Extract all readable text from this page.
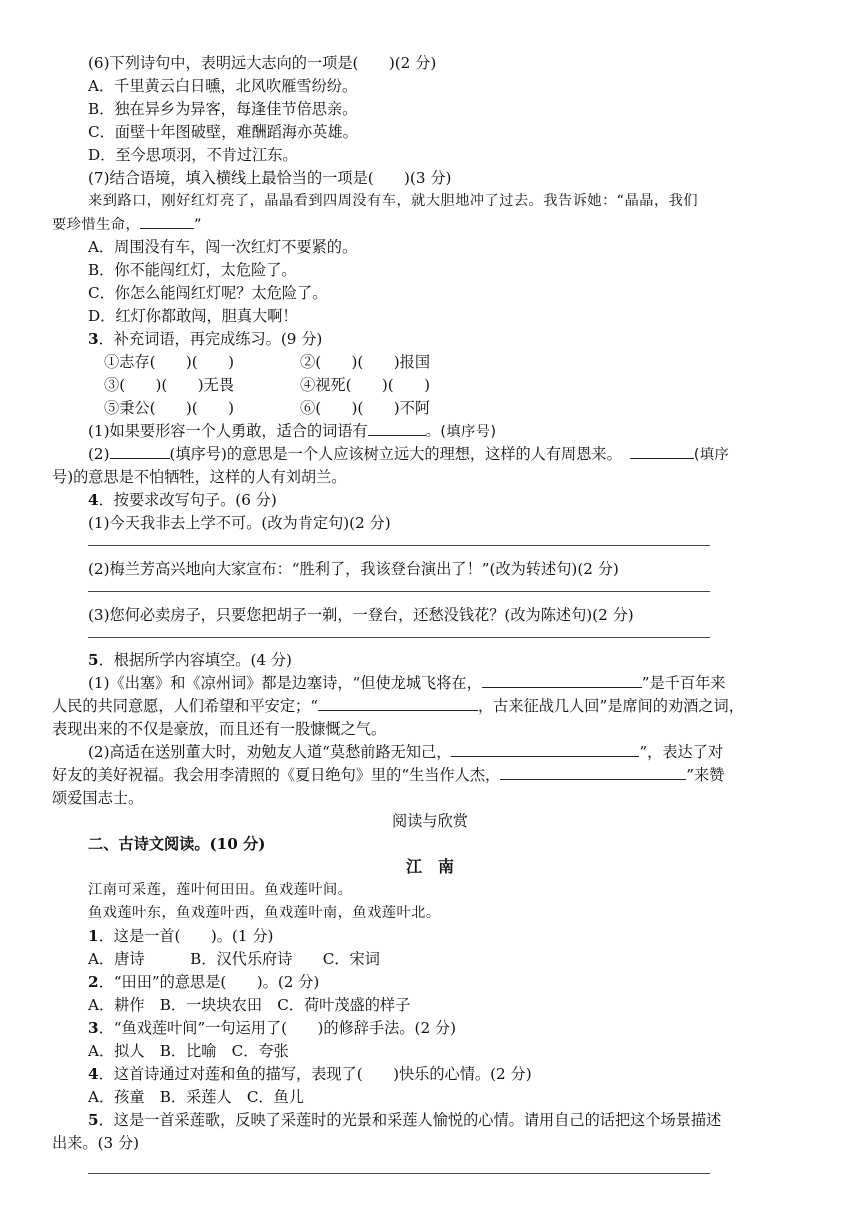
(6)下列诗句中，表明远大志向的一项是(　　)(2 分)
A．千里黄云白日曛，北风吹雁雪纷纷。
B．独在异乡为异客，每逢佳节倍思亲。
C．面壁十年图破壁，难酬蹈海亦英雄。
D．至今思项羽，不肯过江东。
(7)结合语境，填入横线上最恰当的一项是(　　)(3 分)
来到路口，刚好红灯亮了，晶晶看到四周没有车，就大胆地冲了过去。我告诉她：“晶晶，我们
要珍惜生命，	”
A．周围没有车，闯一次红灯不要紧的。
B．你不能闯红灯，太危险了。
C．你怎么能闯红灯呢？太危险了。
D．红灯你都敢闯，胆真大啊！
3．补充词语，再完成练习。(9 分)
①志存(　　)(　　)	②(　　)(　　)报国
③(　　)(　　)无畏	④视死(　　)(　　)
⑤秉公(　　)(　　)	⑥(　　)(　　)不阿
(1)如果要形容一个人勇敢，适合的词语有	。(填序号)
(2)	(填序号)的意思是一个人应该树立远大的理想，这样的人有周恩来。	(填序
号)的意思是不怕牺牲，这样的人有刘胡兰。
4．按要求改写句子。(6 分)
(1)今天我非去上学不可。(改为肯定句)(2 分)
(2)梅兰芳高兴地向大家宣布：“胜利了，我该登台演出了！”(改为转述句)(2 分)
(3)您何必卖房子，只要您把胡子一剃，一登台，还愁没钱花？(改为陈述句)(2 分)
5．根据所学内容填空。(4 分)
(1)《出塞》和《凉州词》都是边塞诗，“但使龙城飞将在，	”是千百年来
人民的共同意愿，人们希望和平安定；“	，古来征战几人回”是席间的劝酒之词，
表现出来的不仅是豪放，而且还有一股慷慨之气。
(2)高适在送别董大时，劝勉友人道“莫愁前路无知己，	”，表达了对
好友的美好祝福。我会用李清照的《夏日绝句》里的“生当作人杰，	”来赞
颂爱国志士。
阅读与欣赏
二、古诗文阅读。(10 分)
江　南
江南可采莲，莲叶何田田。鱼戏莲叶间。
鱼戏莲叶东，鱼戏莲叶西，鱼戏莲叶南，鱼戏莲叶北。
1．这是一首(　　)。(1 分)
A．唐诗　　　B．汉代乐府诗　　C．宋词
2．“田田”的意思是(　　)。(2 分)
A．耕作　B．一块块农田　C．荷叶茂盛的样子
3．“鱼戏莲叶间”一句运用了(　　)的修辞手法。(2 分)
A．拟人　B．比喻　C．夸张
4．这首诗通过对莲和鱼的描写，表现了(　　)快乐的心情。(2 分)
A．孩童　B．采莲人　C．鱼儿
5．这是一首采莲歌，反映了采莲时的光景和采莲人愉悦的心情。请用自己的话把这个场景描述
出来。(3 分)
